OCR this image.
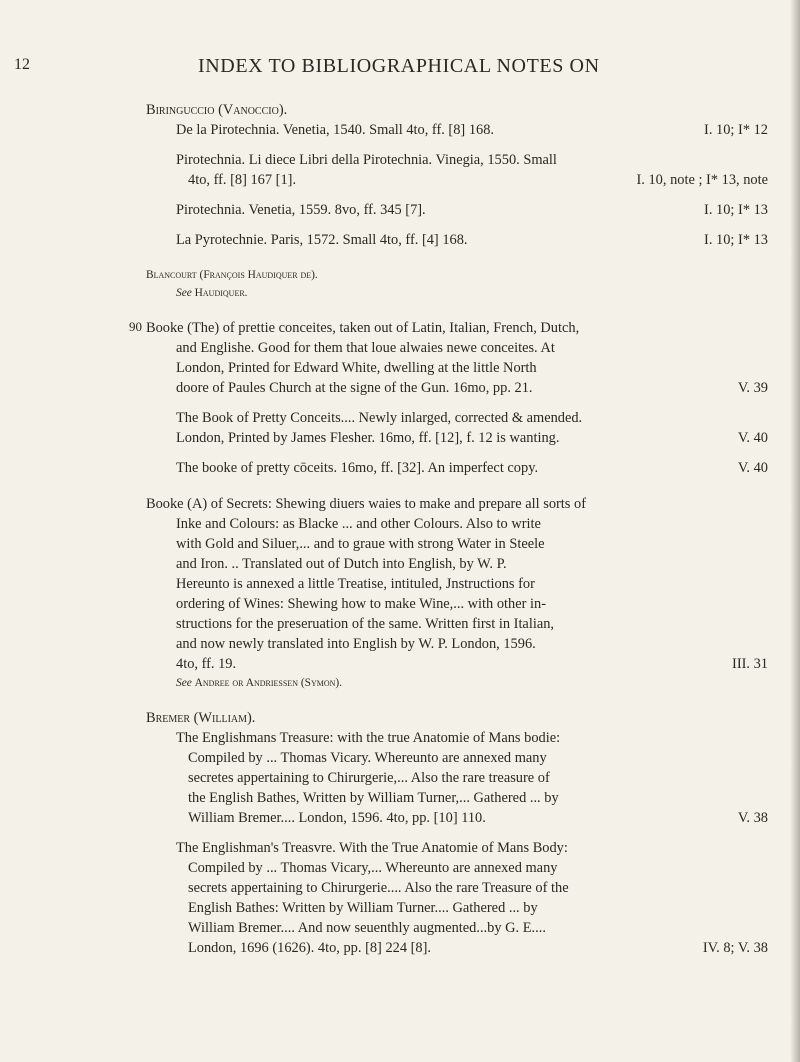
12	INDEX TO BIBLIOGRAPHICAL NOTES ON
Biringuccio (Vanoccio).
De la Pirotechnia. Venetia, 1540. Small 4to, ff. [8] 168.	I. 10; I* 12
Pirotechnia. Li diece Libri della Pirotechnia. Vinegia, 1550. Small
4to, ff. [8] 167 [1].	I. 10, note ; I* 13, note
Pirotechnia. Venetia, 1559. 8vo, ff. 345 [7].	I. 10; I* 13
La Pyrotechnie. Paris, 1572. Small 4to, ff. [4] 168.	I. 10; I* 13
Blancourt (François Haudiquer de).
See Haudiquer.
90 Booke (The) of prettie conceites, taken out of Latin, Italian, French, Dutch,
and Englishe. Good for them that loue alwaies newe conceites. At
London, Printed for Edward White, dwelling at the little North
doore of Paules Church at the signe of the Gun. 16mo, pp. 21.	V. 39
The Book of Pretty Conceits.... Newly inlarged, corrected & amended.
London, Printed by James Flesher. 16mo, ff. [12], f. 12 is wanting.	V. 40
The booke of pretty cōceits. 16mo, ff. [32]. An imperfect copy.	V. 40
Booke (A) of Secrets: Shewing diuers waies to make and prepare all sorts of
Inke and Colours: as Blacke ... and other Colours. Also to write
with Gold and Siluer,... and to graue with strong Water in Steele
and Iron. .. Translated out of Dutch into English, by W. P.
Hereunto is annexed a little Treatise, intituled, Jnstructions for
ordering of Wines: Shewing how to make Wine,... with other in-
structions for the preseruation of the same. Written first in Italian,
and now newly translated into English by W. P. London, 1596.
4to, ff. 19.	III. 31
See Andree or Andriessen (Symon).
Bremer (William).
The Englishmans Treasure: with the true Anatomie of Mans bodie:
Compiled by ... Thomas Vicary. Whereunto are annexed many
secretes appertaining to Chirurgerie,... Also the rare treasure of
the English Bathes, Written by William Turner,... Gathered ... by
William Bremer.... London, 1596. 4to, pp. [10] 110.	V. 38
The Englishman's Treasvre. With the True Anatomie of Mans Body:
Compiled by ... Thomas Vicary,... Whereunto are annexed many
secrets appertaining to Chirurgerie.... Also the rare Treasure of the
English Bathes: Written by William Turner.... Gathered ... by
William Bremer.... And now seuenthly augmented...by G. E....
London, 1696 (1626). 4to, pp. [8] 224 [8].	IV. 8; V. 38
